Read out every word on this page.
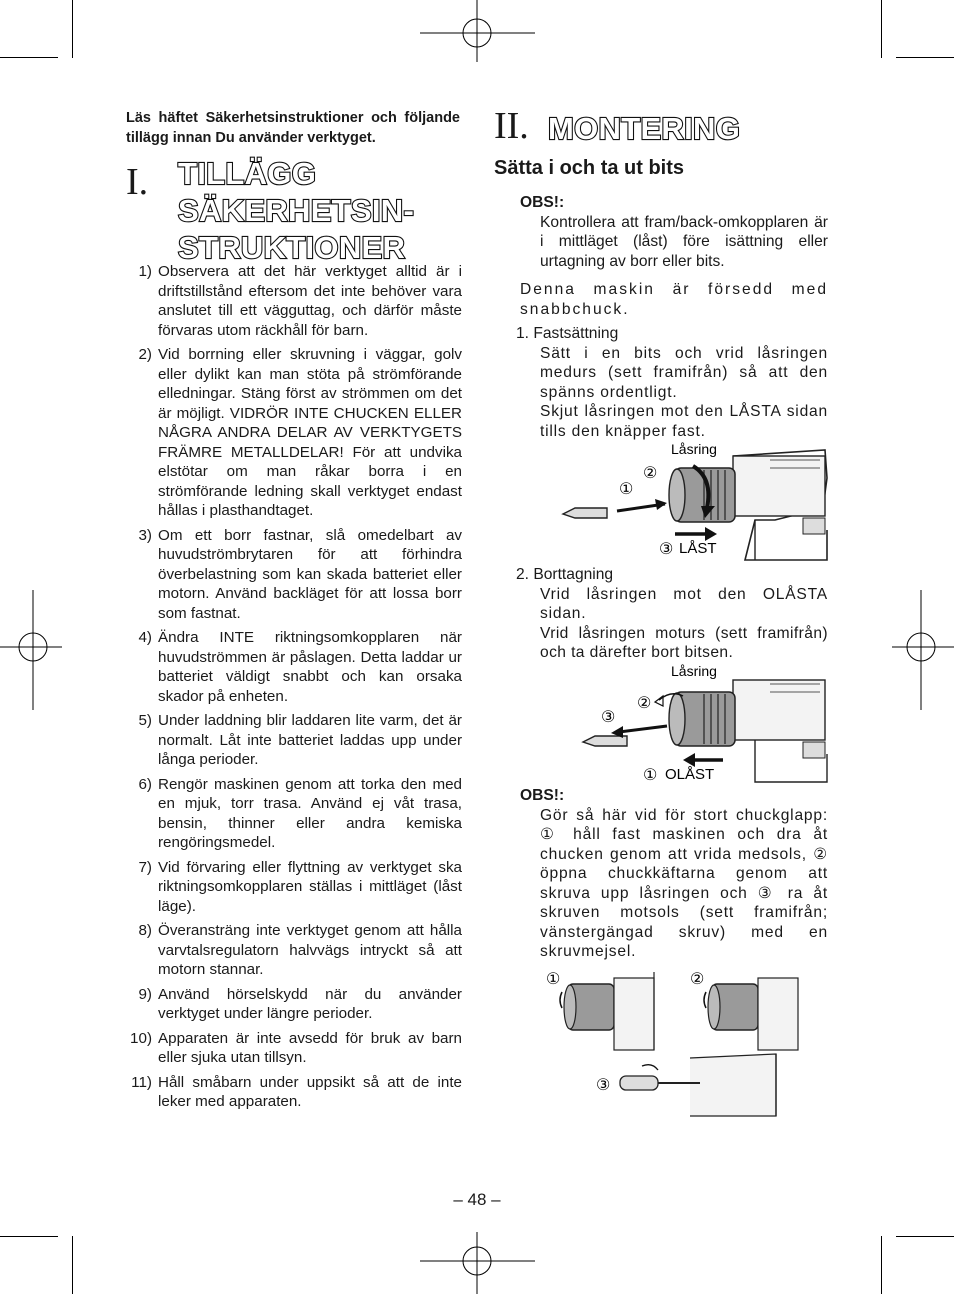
Läs häftet Säkerhetsinstruktioner och följande tillägg innan Du använder verktyget.
I. TILLÄGG
SÄKERHETSIN-
STRUKTIONER
1) Observera att det här verktyget alltid är i driftstillstånd eftersom det inte behöver vara anslutet till ett vägguttag, och därför måste förvaras utom räckhåll för barn.
2) Vid borrning eller skruvning i väggar, golv eller dylikt kan man stöta på strömförande elledningar. Stäng först av strömmen om det är möjligt. VIDRÖR INTE CHUCKEN ELLER NÅGRA ANDRA DELAR AV VERKTYGETS FRÄMRE METALLDELAR! För att undvika elstötar om man råkar borra i en strömförande ledning skall verktyget endast hållas i plasthandtaget.
3) Om ett borr fastnar, slå omedelbart av huvudströmbrytaren för att förhindra överbelastning som kan skada batteriet eller motorn. Använd backläget för att lossa borr som fastnat.
4) Ändra INTE riktningsomkopplaren när huvudströmmen är påslagen. Detta laddar ur batteriet väldigt snabbt och kan orsaka skador på enheten.
5) Under laddning blir laddaren lite varm, det är normalt. Låt inte batteriet laddas upp under långa perioder.
6) Rengör maskinen genom att torka den med en mjuk, torr trasa. Använd ej våt trasa, bensin, thinner eller andra kemiska rengöringsmedel.
7) Vid förvaring eller flyttning av verktyget ska riktningsomkopplaren ställas i mittläget (låst läge).
8) Överansträng inte verktyget genom att hålla varvtalsregulatorn halvvägs intryckt så att motorn stannar.
9) Använd hörselskydd när du använder verktyget under längre perioder.
10) Apparaten är inte avsedd för bruk av barn eller sjuka utan tillsyn.
11) Håll småbarn under uppsikt så att de inte leker med apparaten.
II. MONTERING
Sätta i och ta ut bits
OBS!:
Kontrollera att fram/back-omkopplaren är i mittläget (låst) före isättning eller urtagning av borr eller bits.
Denna maskin är försedd med snabbchuck.
1. Fastsättning
Sätt i en bits och vrid låsringen medurs (sett framifrån) så att den spänns ordentligt.
Skjut låsringen mot den LÅSTA sidan tills den knäpper fast.
Låsring
②
①
③ LÅST
2. Borttagning
Vrid låsringen mot den OLÅSTA sidan.
Vrid låsringen moturs (sett framifrån) och ta därefter bort bitsen.
Låsring
②
③
① OLÅST
OBS!:
Gör så här vid för stort chuckglapp: ① håll fast maskinen och dra åt chucken genom att vrida medsols, ② öppna chuckkäftarna genom att skruva upp låsringen och ③ ra åt skruven motsols (sett framifrån; vänstergängad skruv) med en skruvmejsel.
①	②
③
– 48 –
